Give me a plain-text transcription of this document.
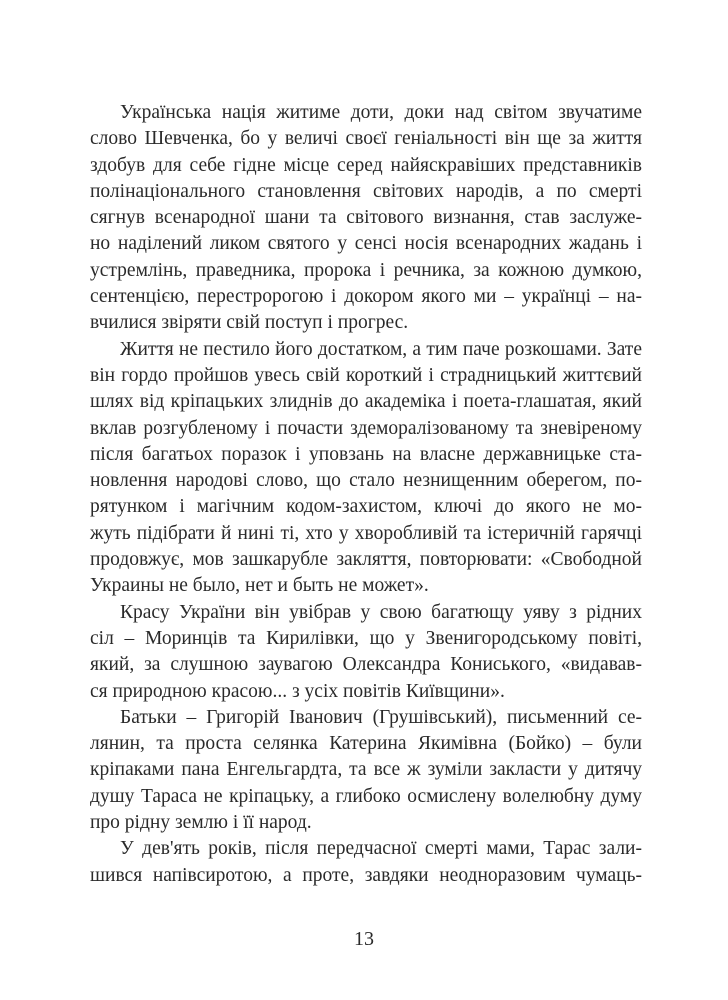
Українська нація житиме доти, доки над світом звучатиме
слово Шевченка, бо у величі своєї геніальності він ще за життя
здобув для себе гідне місце серед найяскравіших представників
полінаціонального становлення світових народів, а по смерті
сягнув всенародної шани та світового визнання, став заслуже-
но наділений ликом святого у сенсі носія всенародних жадань і
устремлінь, праведника, пророка і речника, за кожною думкою,
сентенцією, перестророгою і докором якого ми – українці – на-
вчилися звіряти свій поступ і прогрес.
Життя не пестило його достатком, а тим паче розкошами. Зате
він гордо пройшов увесь свій короткий і страдницький життєвий
шлях від кріпацьких злиднів до академіка і поета-глашатая, який
вклав розгубленому і почасти здеморалізованому та зневіреному
після багатьох поразок і уповзань на власне державницьке ста-
новлення народові слово, що стало незнищенним оберегом, по-
рятунком і магічним кодом-захистом, ключі до якого не мо-
жуть підібрати й нині ті, хто у хворобливій та істеричній гарячці
продовжує, мов зашкарубле закляття, повторювати: «Свободной
Украины не было, нет и быть не может».
Красу України він увібрав у свою багатющу уяву з рідних
сіл – Моринців та Кирилівки, що у Звенигородському повіті,
який, за слушною заувагою Олександра Кониського, «видавав-
ся природною красою... з усіх повітів Київщини».
Батьки – Григорій Іванович (Грушівський), письменний се-
лянин, та проста селянка Катерина Якимівна (Бойко) – були
кріпаками пана Енгельгардта, та все ж зуміли закласти у дитячу
душу Тараса не кріпацьку, а глибоко осмислену волелюбну думу
про рідну землю і її народ.
У дев'ять років, після передчасної смерті мами, Тарас зали-
шився напівсиротою, а проте, завдяки неодноразовим чумаць-
13
